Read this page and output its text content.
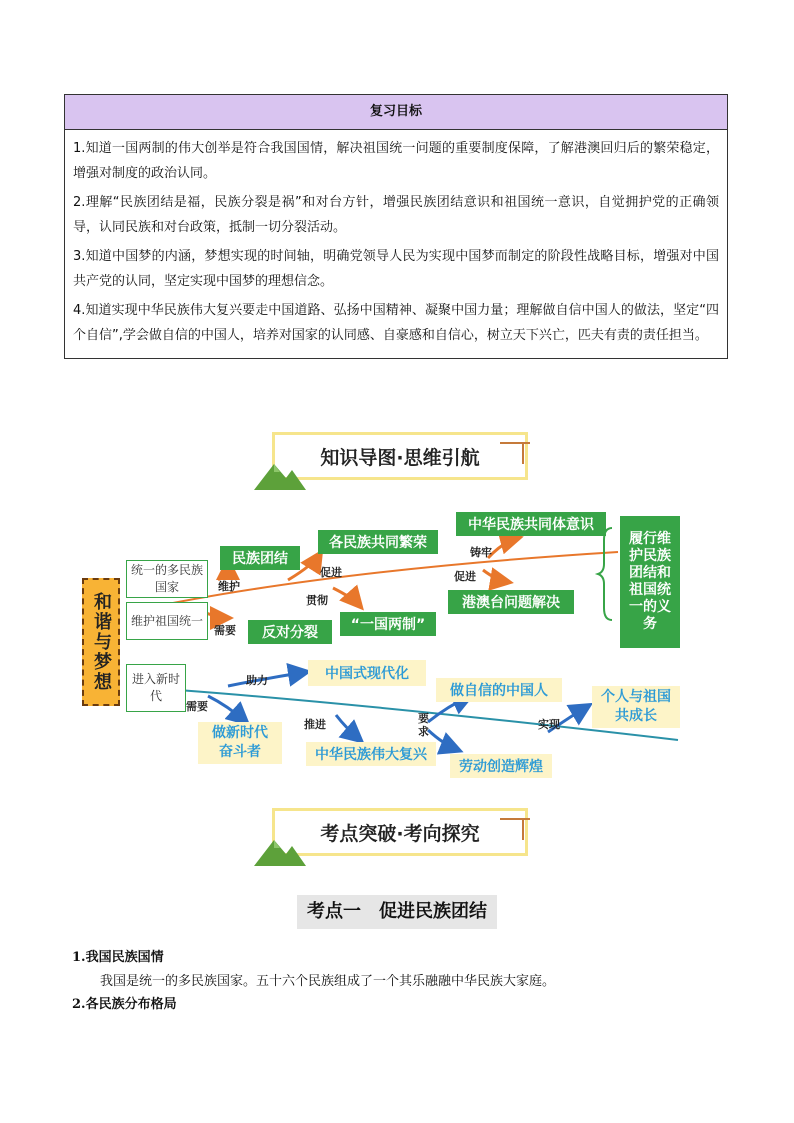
复习目标

1.知道一国两制的伟大创举是符合我国国情，解决祖国统一问题的重要制度保障，了解港澳回归后的繁荣稳定，增强对制度的政治认同。

2.理解“民族团结是福，民族分裂是祸”和对台方针，增强民族团结意识和祖国统一意识，自觉拥护党的正确领导，认同民族和对台政策，抵制一切分裂活动。

3.知道中国梦的内涵，梦想实现的时间轴，明确党领导人民为实现中国梦而制定的阶段性战略目标，增强对中国共产党的认同，坚定实现中国梦的理想信念。

4.知道实现中华民族伟大复兴要走中国道路、弘扬中国精神、凝聚中国力量；理解做自信中国人的做法，坚定“四个自信”,学会做自信的中国人，培养对国家的认同感、自豪感和自信心，树立天下兴亡，匹夫有责的责任担当。

知识导图·思维引航
和谐与梦想
统一的多民族国家
维护祖国统一
进入新时代
民族团结
各民族共同繁荣
中华民族共同体意识
港澳台问题解决
反对分裂	“一国两制”
履行维护民族团结和祖国统一的义务
中国式现代化
做自信的中国人	个人与祖国共成长
做新时代奋斗者	中华民族伟大复兴
劳动创造辉煌
维护
促进
铸牢
促进
贯彻
需要
助力
需要
推进	要求
实现
考点突破·考向探究
考点一　促进民族团结
1.我国民族国情
我国是统一的多民族国家。五十六个民族组成了一个其乐融融中华民族大家庭。
2.各民族分布格局
